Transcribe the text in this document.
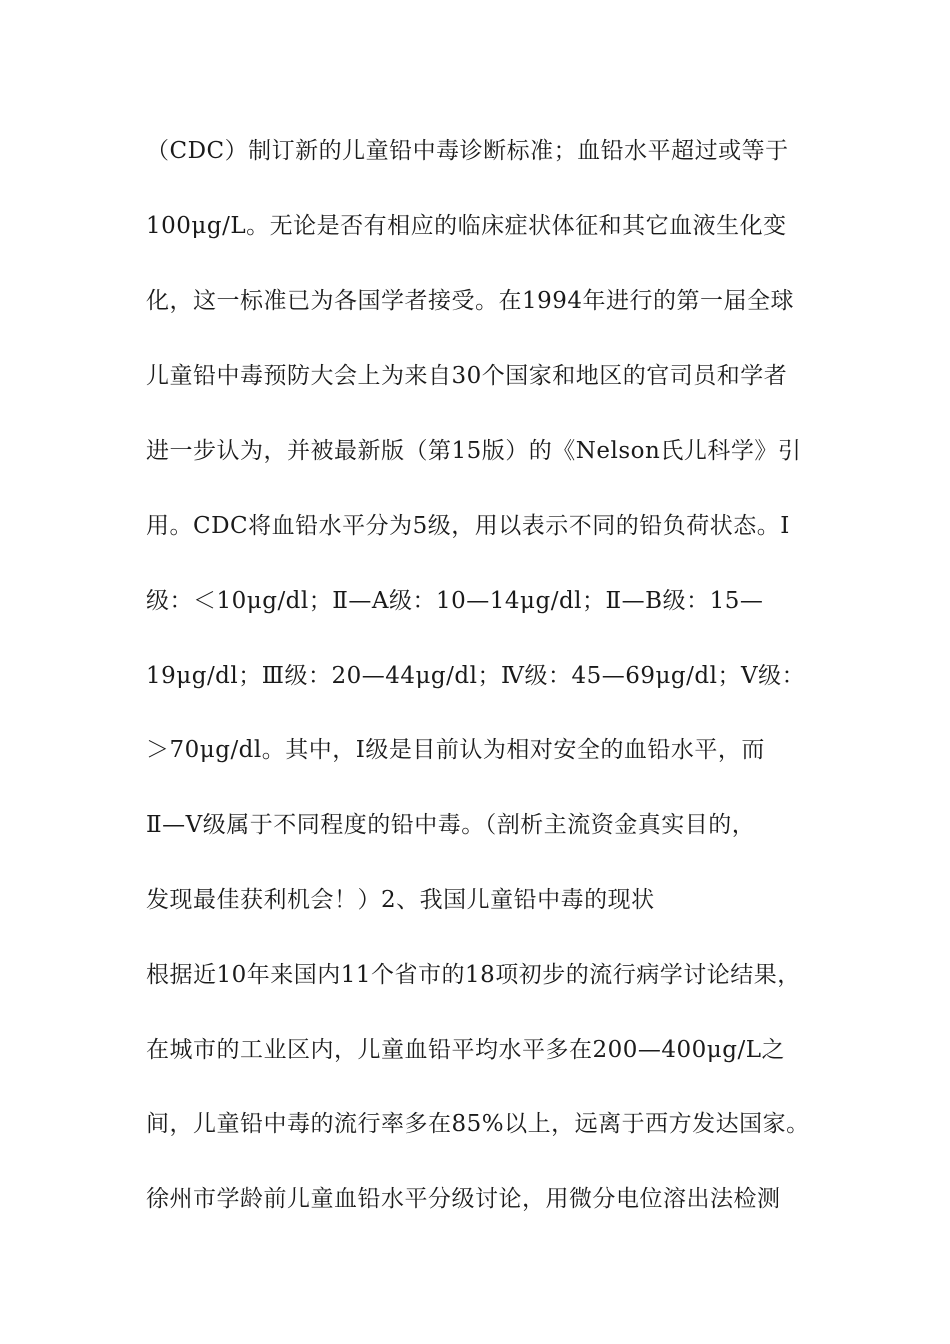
（CDC）制订新的儿童铅中毒诊断标准；血铅水平超过或等于
100μg/L。无论是否有相应的临床症状体征和其它血液生化变
化，这一标准已为各国学者接受。在1994年进行的第一届全球
儿童铅中毒预防大会上为来自30个国家和地区的官司员和学者
进一步认为，并被最新版（第15版）的《Nelson氏儿科学》引
用。CDC将血铅水平分为5级，用以表示不同的铅负荷状态。Ⅰ
级：＜10μg/dl；Ⅱ—A级：10—14μg/dl；Ⅱ—B级：15—
19μg/dl；Ⅲ级：20—44μg/dl；Ⅳ级：45—69μg/dl；Ⅴ级：
＞70μg/dl。其中，Ⅰ级是目前认为相对安全的血铅水平，而
Ⅱ—Ⅴ级属于不同程度的铅中毒。（剖析主流资金真实目的，
发现最佳获利机会！）2、我国儿童铅中毒的现状
根据近10年来国内11个省市的18项初步的流行病学讨论结果，
在城市的工业区内，儿童血铅平均水平多在200—400μg/L之
间，儿童铅中毒的流行率多在85%以上，远离于西方发达国家。
徐州市学龄前儿童血铅水平分级讨论，用微分电位溶出法检测
